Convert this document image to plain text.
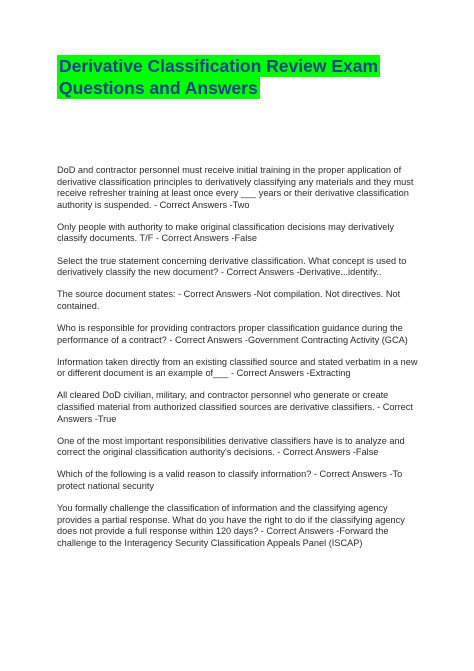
Derivative Classification Review Exam
Questions and Answers

DoD and contractor personnel must receive initial training in the proper application of derivative classification principles to derivatively classifying any materials and they must receive refresher training at least once every ___ years or their derivative classification authority is suspended. - Correct Answers -Two

Only people with authority to make original classification decisions may derivatively classify documents. T/F - Correct Answers -False

Select the true statement concerning derivative classification. What concept is used to derivatively classify the new document? - Correct Answers -Derivative...identify..

The source document states: - Correct Answers -Not compilation. Not directives. Not contained.

Who is responsible for providing contractors proper classification guidance during the performance of a contract? - Correct Answers -Government Contracting Activity (GCA)

Information taken directly from an existing classified source and stated verbatim in a new or different document is an example of___ - Correct Answers -Extracting

All cleared DoD civilian, military, and contractor personnel who generate or create classified material from authorized classified sources are derivative classifiers. - Correct Answers -True

One of the most important responsibilities derivative classifiers have is to analyze and correct the original classification authority's decisions. - Correct Answers -False

Which of the following is a valid reason to classify information? - Correct Answers -To protect national security

You formally challenge the classification of information and the classifying agency provides a partial response. What do you have the right to do if the classifying agency does not provide a full response within 120 days? - Correct Answers -Forward the challenge to the Interagency Security Classification Appeals Panel (ISCAP)
